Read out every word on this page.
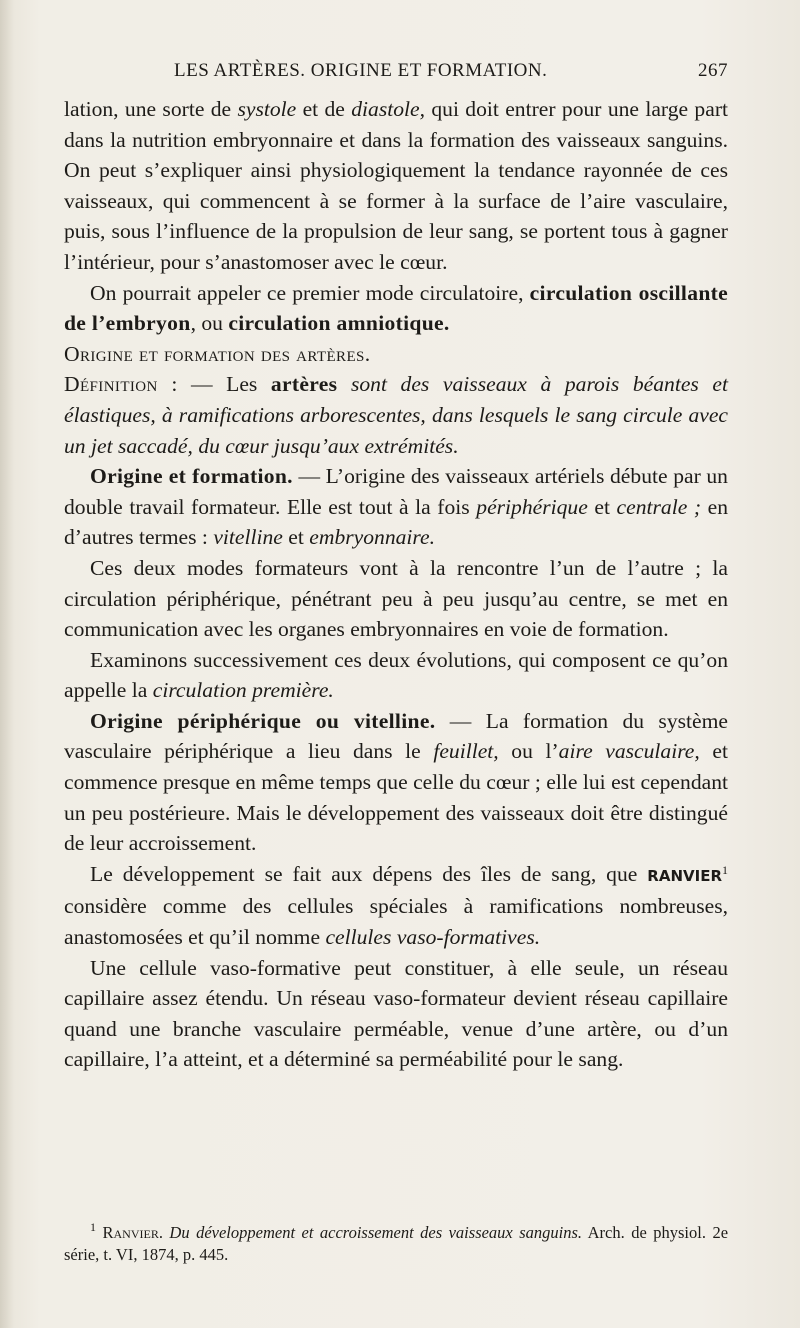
LES ARTÈRES. ORIGINE ET FORMATION.	267

lation, une sorte de systole et de diastole, qui doit entrer pour une large part dans la nutrition embryonnaire et dans la formation des vaisseaux sanguins. On peut s’expliquer ainsi physiologiquement la tendance rayonnée de ces vaisseaux, qui commencent à se former à la surface de l’aire vasculaire, puis, sous l’influence de la propulsion de leur sang, se portent tous à gagner l’intérieur, pour s’anastomoser avec le cœur.

On pourrait appeler ce premier mode circulatoire, circulation oscillante de l’embryon, ou circulation amniotique.

Origine et formation des artères.

Définition : — Les artères sont des vaisseaux à parois béantes et élastiques, à ramifications arborescentes, dans lesquels le sang circule avec un jet saccadé, du cœur jusqu’aux extrémités.

Origine et formation. — L’origine des vaisseaux artériels débute par un double travail formateur. Elle est tout à la fois périphérique et centrale ; en d’autres termes : vitelline et embryonnaire.

Ces deux modes formateurs vont à la rencontre l’un de l’autre ; la circulation périphérique, pénétrant peu à peu jusqu’au centre, se met en communication avec les organes embryonnaires en voie de formation.

Examinons successivement ces deux évolutions, qui composent ce qu’on appelle la circulation première.

Origine périphérique ou vitelline. — La formation du système vasculaire périphérique a lieu dans le feuillet, ou l’aire vasculaire, et commence presque en même temps que celle du cœur ; elle lui est cependant un peu postérieure. Mais le développement des vaisseaux doit être distingué de leur accroissement.

Le développement se fait aux dépens des îles de sang, que RANVIER$^1$ considère comme des cellules spéciales à ramifications nombreuses, anastomosées et qu’il nomme cellules vaso-formatives.

Une cellule vaso-formative peut constituer, à elle seule, un réseau capillaire assez étendu. Un réseau vaso-formateur devient réseau capillaire quand une branche vasculaire perméable, venue d’une artère, ou d’un capillaire, l’a atteint, et a déterminé sa perméabilité pour le sang.

$^1$ Ranvier. Du développement et accroissement des vaisseaux sanguins. Arch. de physiol. 2e série, t. VI, 1874, p. 445.
